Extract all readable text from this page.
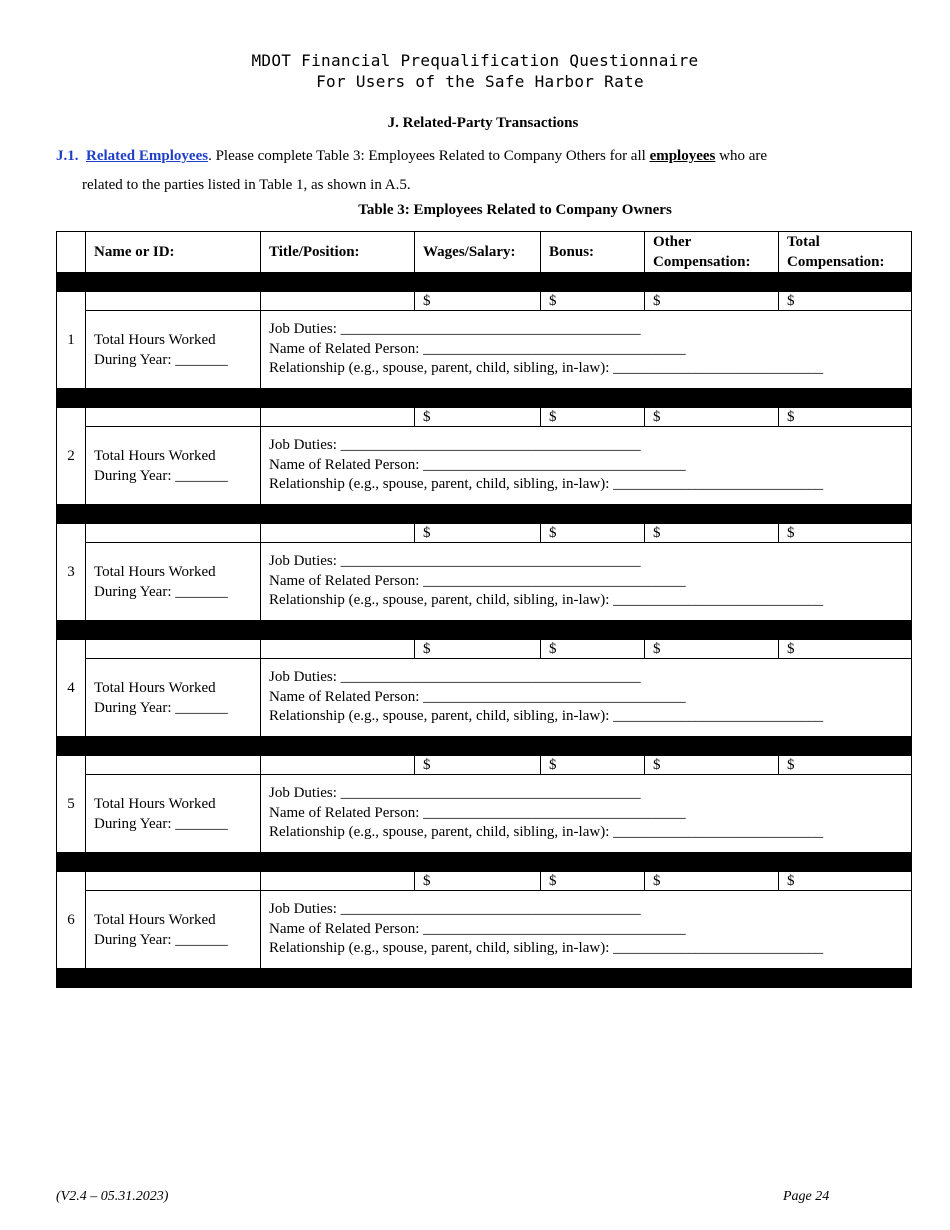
MDOT Financial Prequalification Questionnaire
For Users of the Safe Harbor Rate
J. Related-Party Transactions
J.1. Related Employees. Please complete Table 3: Employees Related to Company Others for all employees who are
related to the parties listed in Table 1, as shown in A.5.
Table 3: Employees Related to Company Owners
	Name or ID:	Title/Position:	Wages/Salary:	Bonus:	Other
Compensation:	Total
Compensation:

1			$	$	$	$
	Total Hours Worked
During Year: _______	Job Duties: ________________________________________
Name of Related Person: ___________________________________
Relationship (e.g., spouse, parent, child, sibling, in-law): ____________________________				

2			$	$	$	$
	Total Hours Worked
During Year: _______	Job Duties: ________________________________________
Name of Related Person: ___________________________________
Relationship (e.g., spouse, parent, child, sibling, in-law): ____________________________				

3			$	$	$	$
	Total Hours Worked
During Year: _______	Job Duties: ________________________________________
Name of Related Person: ___________________________________
Relationship (e.g., spouse, parent, child, sibling, in-law): ____________________________				

4			$	$	$	$
	Total Hours Worked
During Year: _______	Job Duties: ________________________________________
Name of Related Person: ___________________________________
Relationship (e.g., spouse, parent, child, sibling, in-law): ____________________________				

5			$	$	$	$
	Total Hours Worked
During Year: _______	Job Duties: ________________________________________
Name of Related Person: ___________________________________
Relationship (e.g., spouse, parent, child, sibling, in-law): ____________________________				

6			$	$	$	$
	Total Hours Worked
During Year: _______	Job Duties: ________________________________________
Name of Related Person: ___________________________________
Relationship (e.g., spouse, parent, child, sibling, in-law): ____________________________				

(V2.4 – 05.31.2023)	Page 24
